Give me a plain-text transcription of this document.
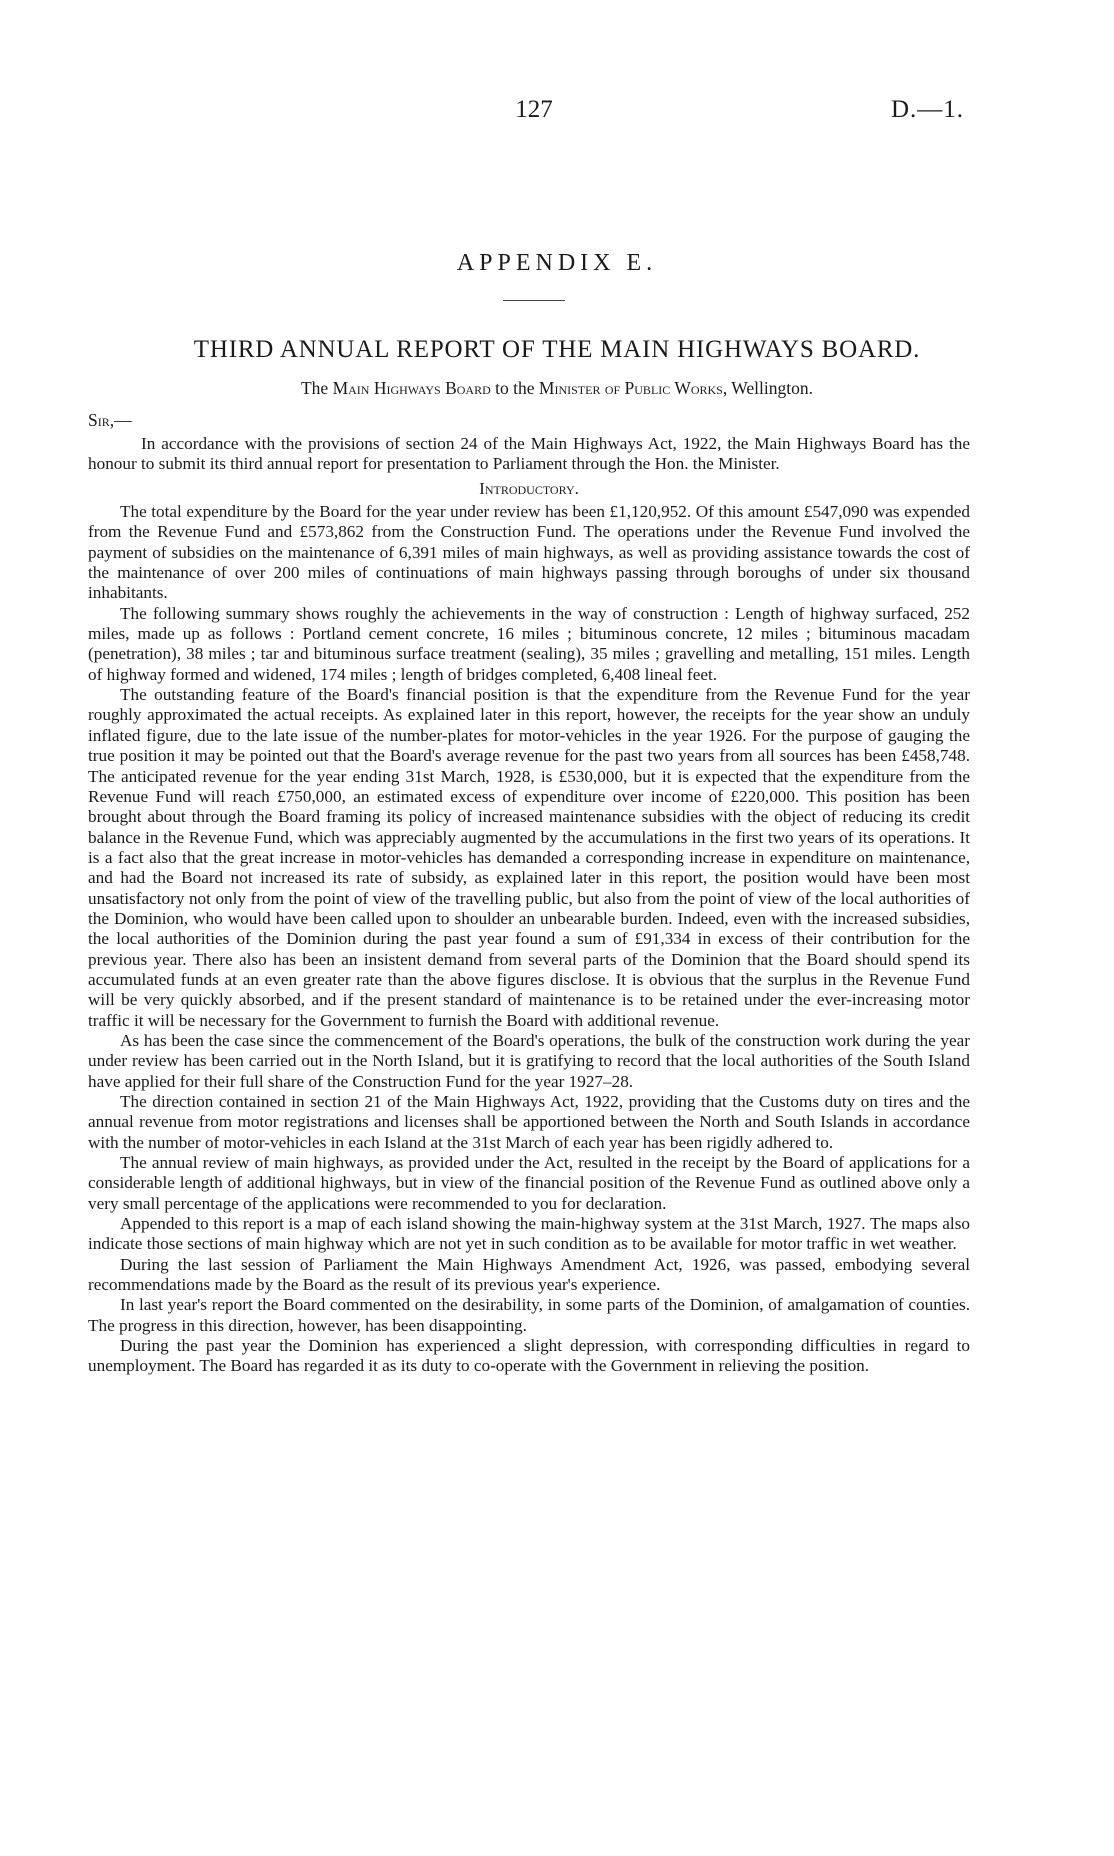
127	D.—1.
APPENDIX E.
THIRD ANNUAL REPORT OF THE MAIN HIGHWAYS BOARD.
The Main Highways Board to the Minister of Public Works, Wellington.
Sir,—

In accordance with the provisions of section 24 of the Main Highways Act, 1922, the Main Highways Board has the honour to submit its third annual report for presentation to Parliament through the Hon. the Minister.

Introductory.

The total expenditure by the Board for the year under review has been £1,120,952. Of this amount £547,090 was expended from the Revenue Fund and £573,862 from the Construction Fund. The operations under the Revenue Fund involved the payment of subsidies on the maintenance of 6,391 miles of main highways, as well as providing assistance towards the cost of the maintenance of over 200 miles of continuations of main highways passing through boroughs of under six thousand inhabitants.

The following summary shows roughly the achievements in the way of construction : Length of highway surfaced, 252 miles, made up as follows : Portland cement concrete, 16 miles ; bituminous concrete, 12 miles ; bituminous macadam (penetration), 38 miles ; tar and bituminous surface treatment (sealing), 35 miles ; gravelling and metalling, 151 miles. Length of highway formed and widened, 174 miles ; length of bridges completed, 6,408 lineal feet.

The outstanding feature of the Board's financial position is that the expenditure from the Revenue Fund for the year roughly approximated the actual receipts. As explained later in this report, however, the receipts for the year show an unduly inflated figure, due to the late issue of the number-plates for motor-vehicles in the year 1926. For the purpose of gauging the true position it may be pointed out that the Board's average revenue for the past two years from all sources has been £458,748. The anticipated revenue for the year ending 31st March, 1928, is £530,000, but it is expected that the expenditure from the Revenue Fund will reach £750,000, an estimated excess of expenditure over income of £220,000. This position has been brought about through the Board framing its policy of increased maintenance subsidies with the object of reducing its credit balance in the Revenue Fund, which was appreciably augmented by the accumulations in the first two years of its operations. It is a fact also that the great increase in motor-vehicles has demanded a corresponding increase in expenditure on maintenance, and had the Board not increased its rate of subsidy, as explained later in this report, the position would have been most unsatisfactory not only from the point of view of the travelling public, but also from the point of view of the local authorities of the Dominion, who would have been called upon to shoulder an unbearable burden. Indeed, even with the increased subsidies, the local authorities of the Dominion during the past year found a sum of £91,334 in excess of their contribution for the previous year. There also has been an insistent demand from several parts of the Dominion that the Board should spend its accumulated funds at an even greater rate than the above figures disclose. It is obvious that the surplus in the Revenue Fund will be very quickly absorbed, and if the present standard of maintenance is to be retained under the ever-increasing motor traffic it will be necessary for the Government to furnish the Board with additional revenue.

As has been the case since the commencement of the Board's operations, the bulk of the construction work during the year under review has been carried out in the North Island, but it is gratifying to record that the local authorities of the South Island have applied for their full share of the Construction Fund for the year 1927–28.

The direction contained in section 21 of the Main Highways Act, 1922, providing that the Customs duty on tires and the annual revenue from motor registrations and licenses shall be apportioned between the North and South Islands in accordance with the number of motor-vehicles in each Island at the 31st March of each year has been rigidly adhered to.

The annual review of main highways, as provided under the Act, resulted in the receipt by the Board of applications for a considerable length of additional highways, but in view of the financial position of the Revenue Fund as outlined above only a very small percentage of the applications were recommended to you for declaration.

Appended to this report is a map of each island showing the main-highway system at the 31st March, 1927. The maps also indicate those sections of main highway which are not yet in such condition as to be available for motor traffic in wet weather.

During the last session of Parliament the Main Highways Amendment Act, 1926, was passed, embodying several recommendations made by the Board as the result of its previous year's experience.

In last year's report the Board commented on the desirability, in some parts of the Dominion, of amalgamation of counties. The progress in this direction, however, has been disappointing.

During the past year the Dominion has experienced a slight depression, with corresponding difficulties in regard to unemployment. The Board has regarded it as its duty to co-operate with the Government in relieving the position.
